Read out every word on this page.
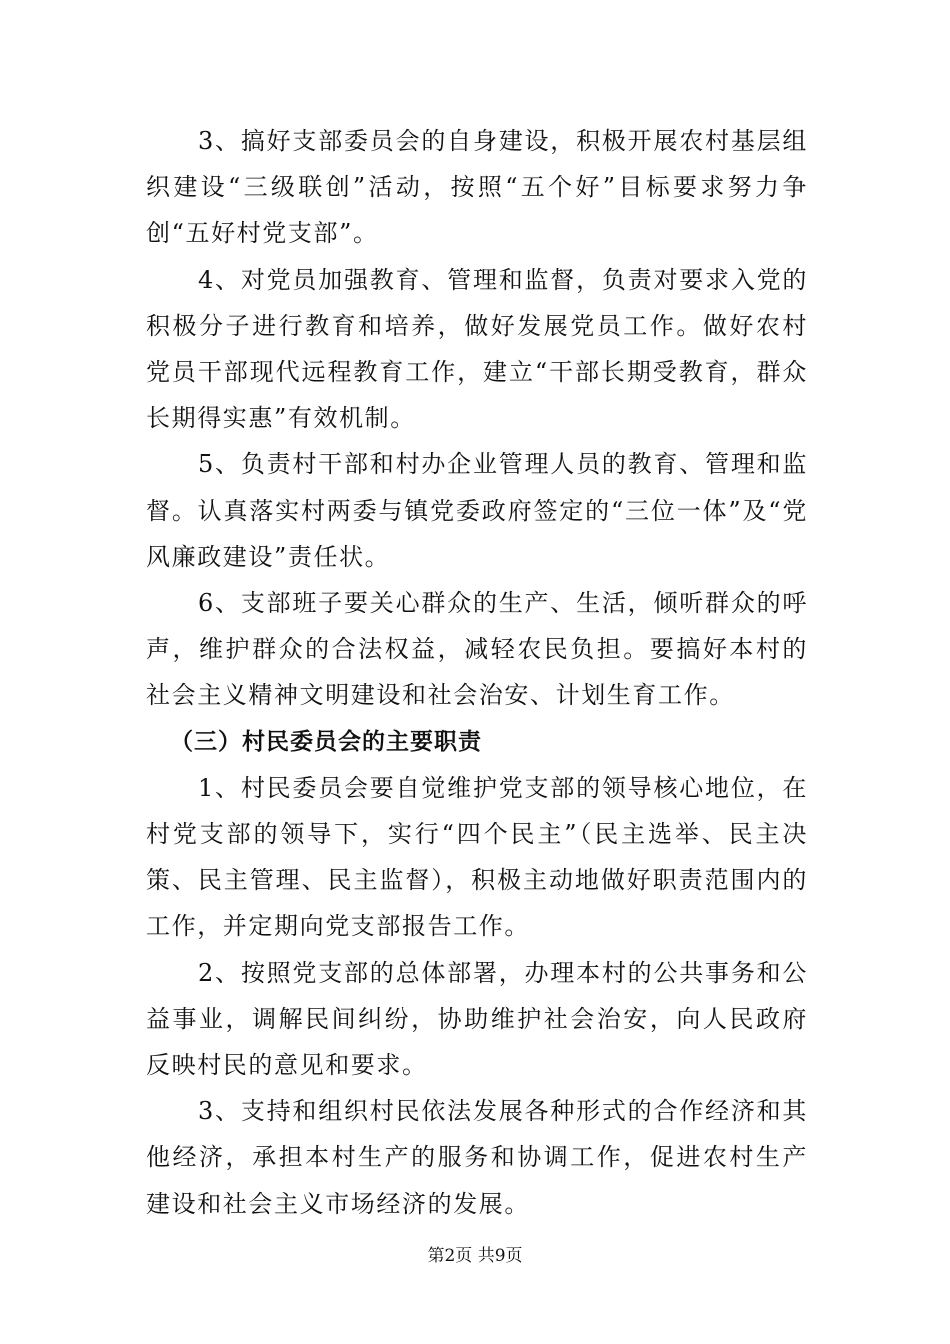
3、搞好支部委员会的自身建设，积极开展农村基层组织建设“三级联创”活动，按照“五个好”目标要求努力争创“五好村党支部”。

4、对党员加强教育、管理和监督，负责对要求入党的积极分子进行教育和培养，做好发展党员工作。做好农村党员干部现代远程教育工作，建立“干部长期受教育，群众长期得实惠”有效机制。

5、负责村干部和村办企业管理人员的教育、管理和监督。认真落实村两委与镇党委政府签定的“三位一体”及“党风廉政建设”责任状。

6、支部班子要关心群众的生产、生活，倾听群众的呼声，维护群众的合法权益，减轻农民负担。要搞好本村的社会主义精神文明建设和社会治安、计划生育工作。

（三）村民委员会的主要职责

1、村民委员会要自觉维护党支部的领导核心地位，在村党支部的领导下，实行“四个民主”（民主选举、民主决策、民主管理、民主监督），积极主动地做好职责范围内的工作，并定期向党支部报告工作。

2、按照党支部的总体部署，办理本村的公共事务和公益事业，调解民间纠纷，协助维护社会治安，向人民政府反映村民的意见和要求。

3、支持和组织村民依法发展各种形式的合作经济和其他经济，承担本村生产的服务和协调工作，促进农村生产建设和社会主义市场经济的发展。

第2页 共9页
